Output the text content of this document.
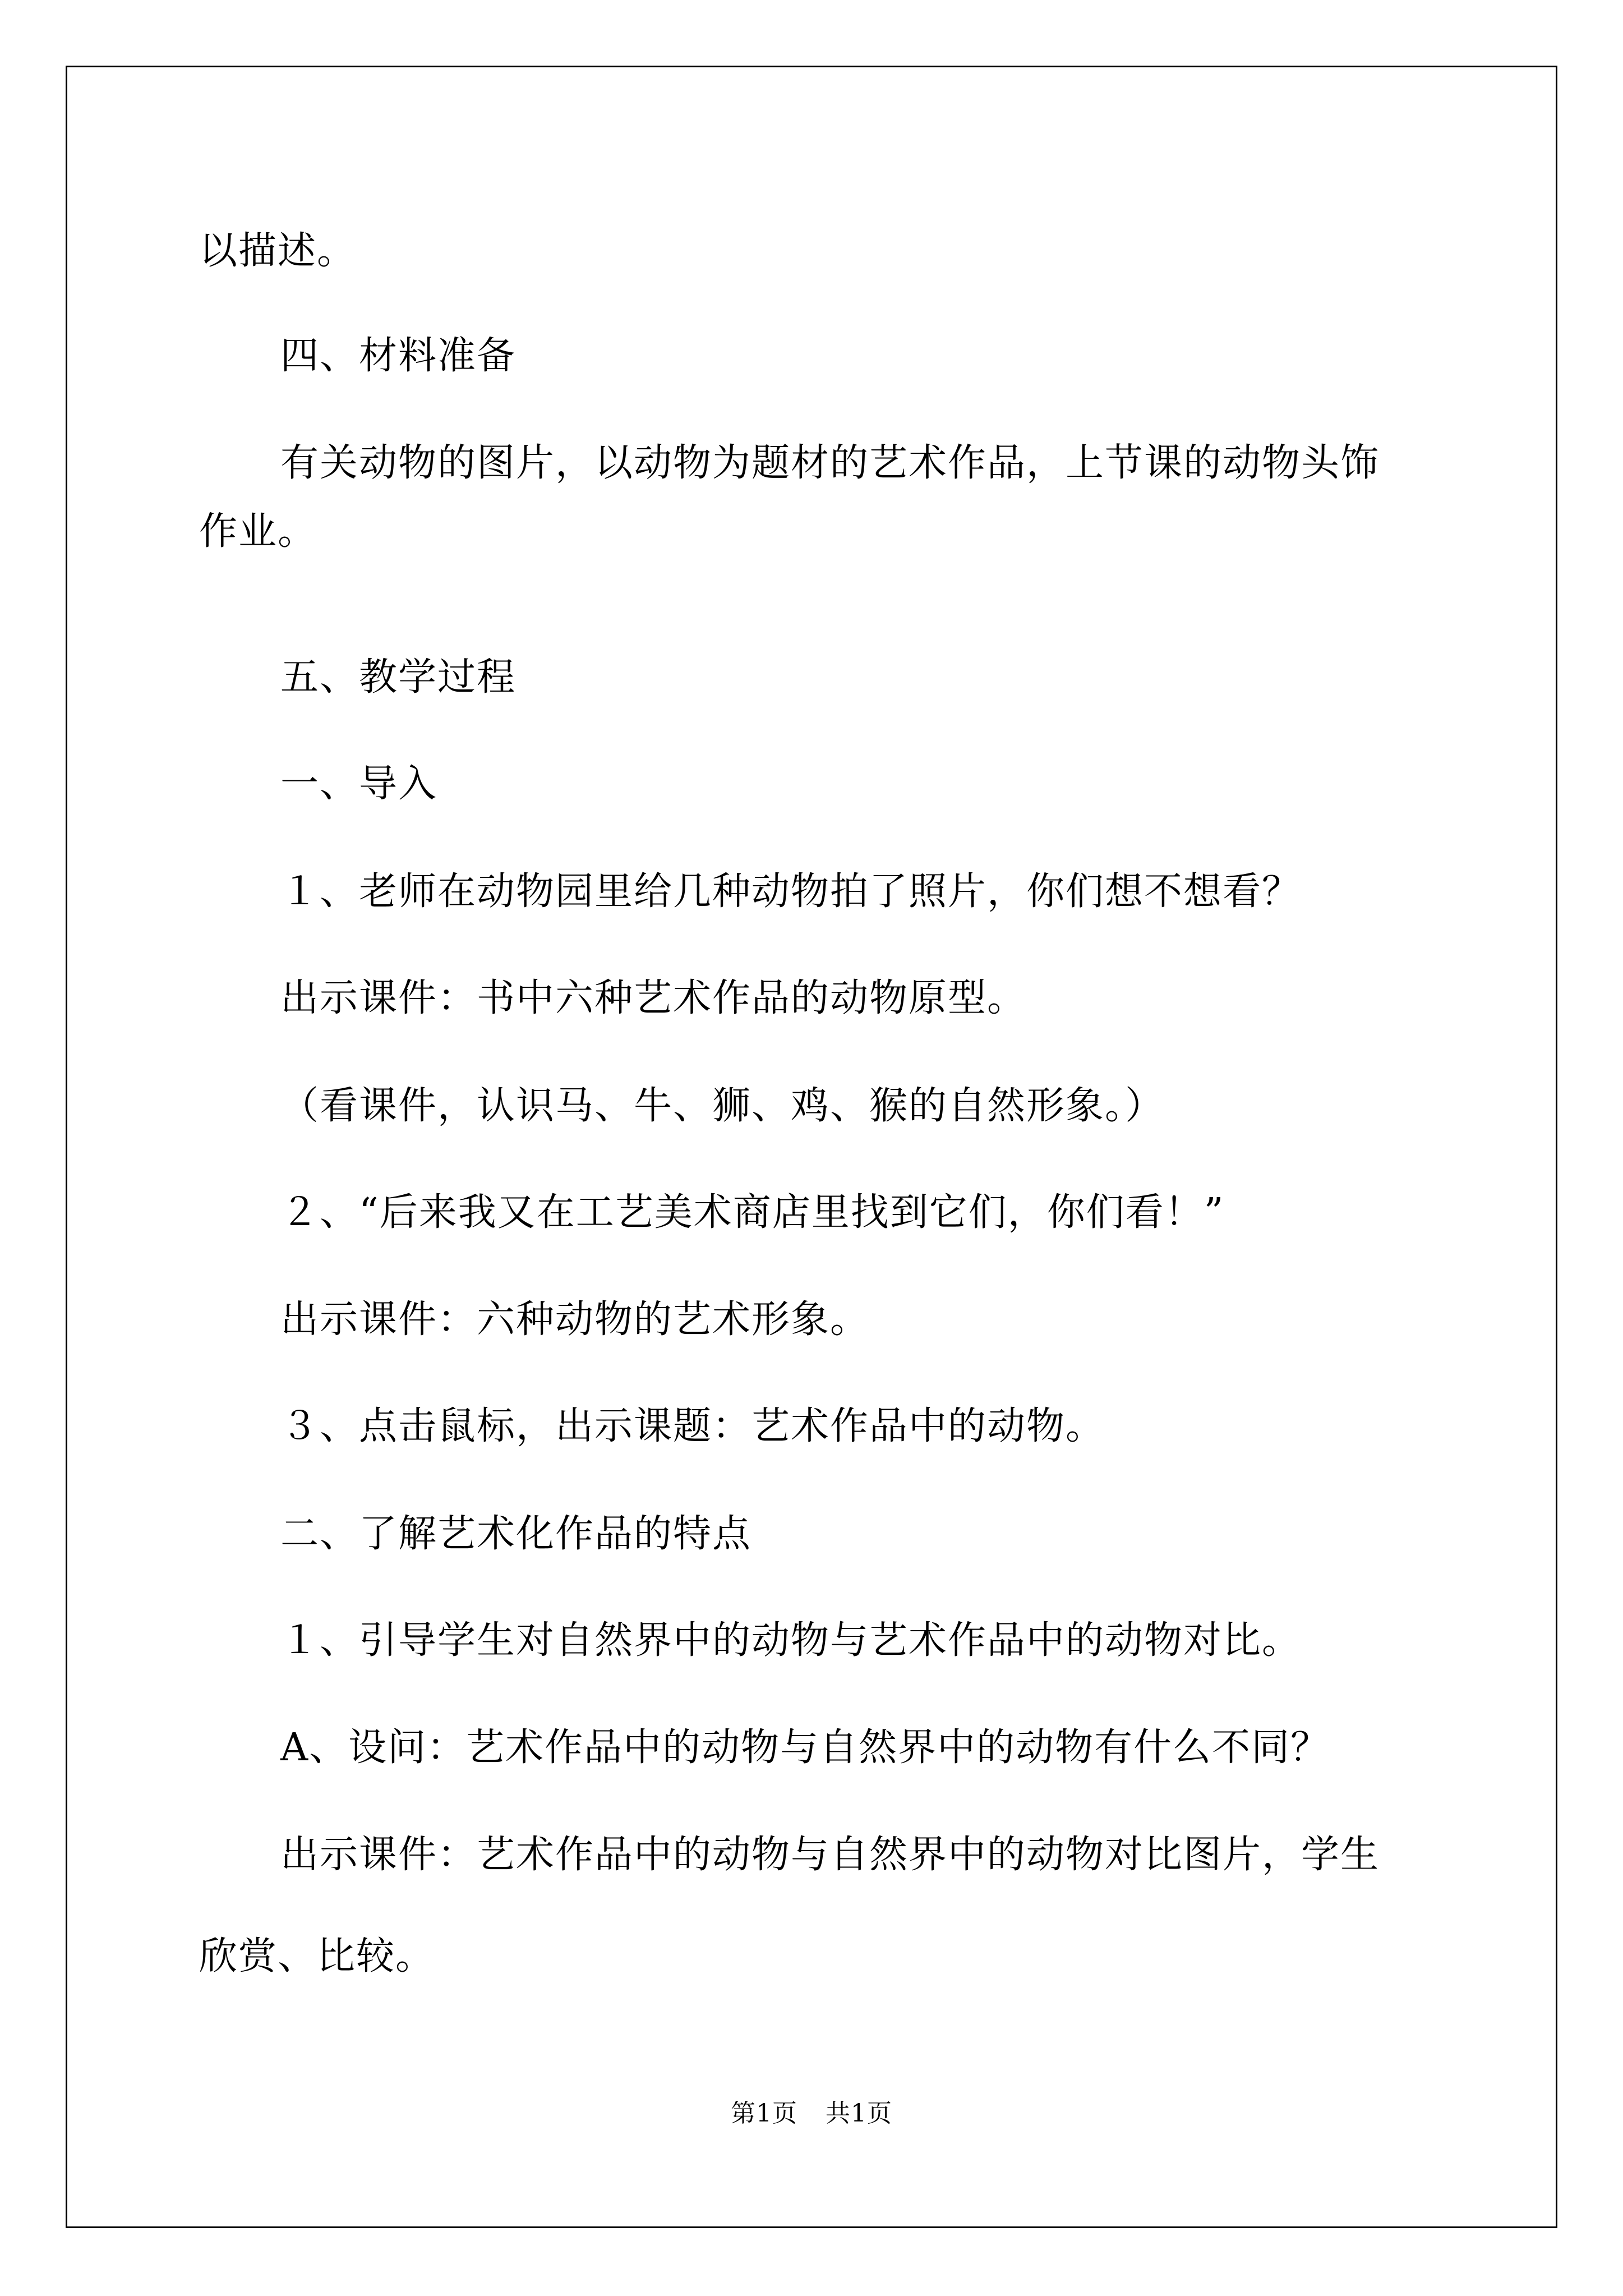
以描述。

四、材料准备

有关动物的图片，以动物为题材的艺术作品，上节课的动物头饰

作业。

五、教学过程

一、导入

１、老师在动物园里给几种动物拍了照片，你们想不想看？

出示课件：书中六种艺术作品的动物原型。

（看课件，认识马、牛、狮、鸡、猴的自然形象。）

２、“后来我又在工艺美术商店里找到它们，你们看！”

出示课件：六种动物的艺术形象。

３、点击鼠标，出示课题：艺术作品中的动物。

二、了解艺术化作品的特点

１、引导学生对自然界中的动物与艺术作品中的动物对比。

A、设问：艺术作品中的动物与自然界中的动物有什么不同？

出示课件：艺术作品中的动物与自然界中的动物对比图片，学生

欣赏、比较。

第1页 共1页
